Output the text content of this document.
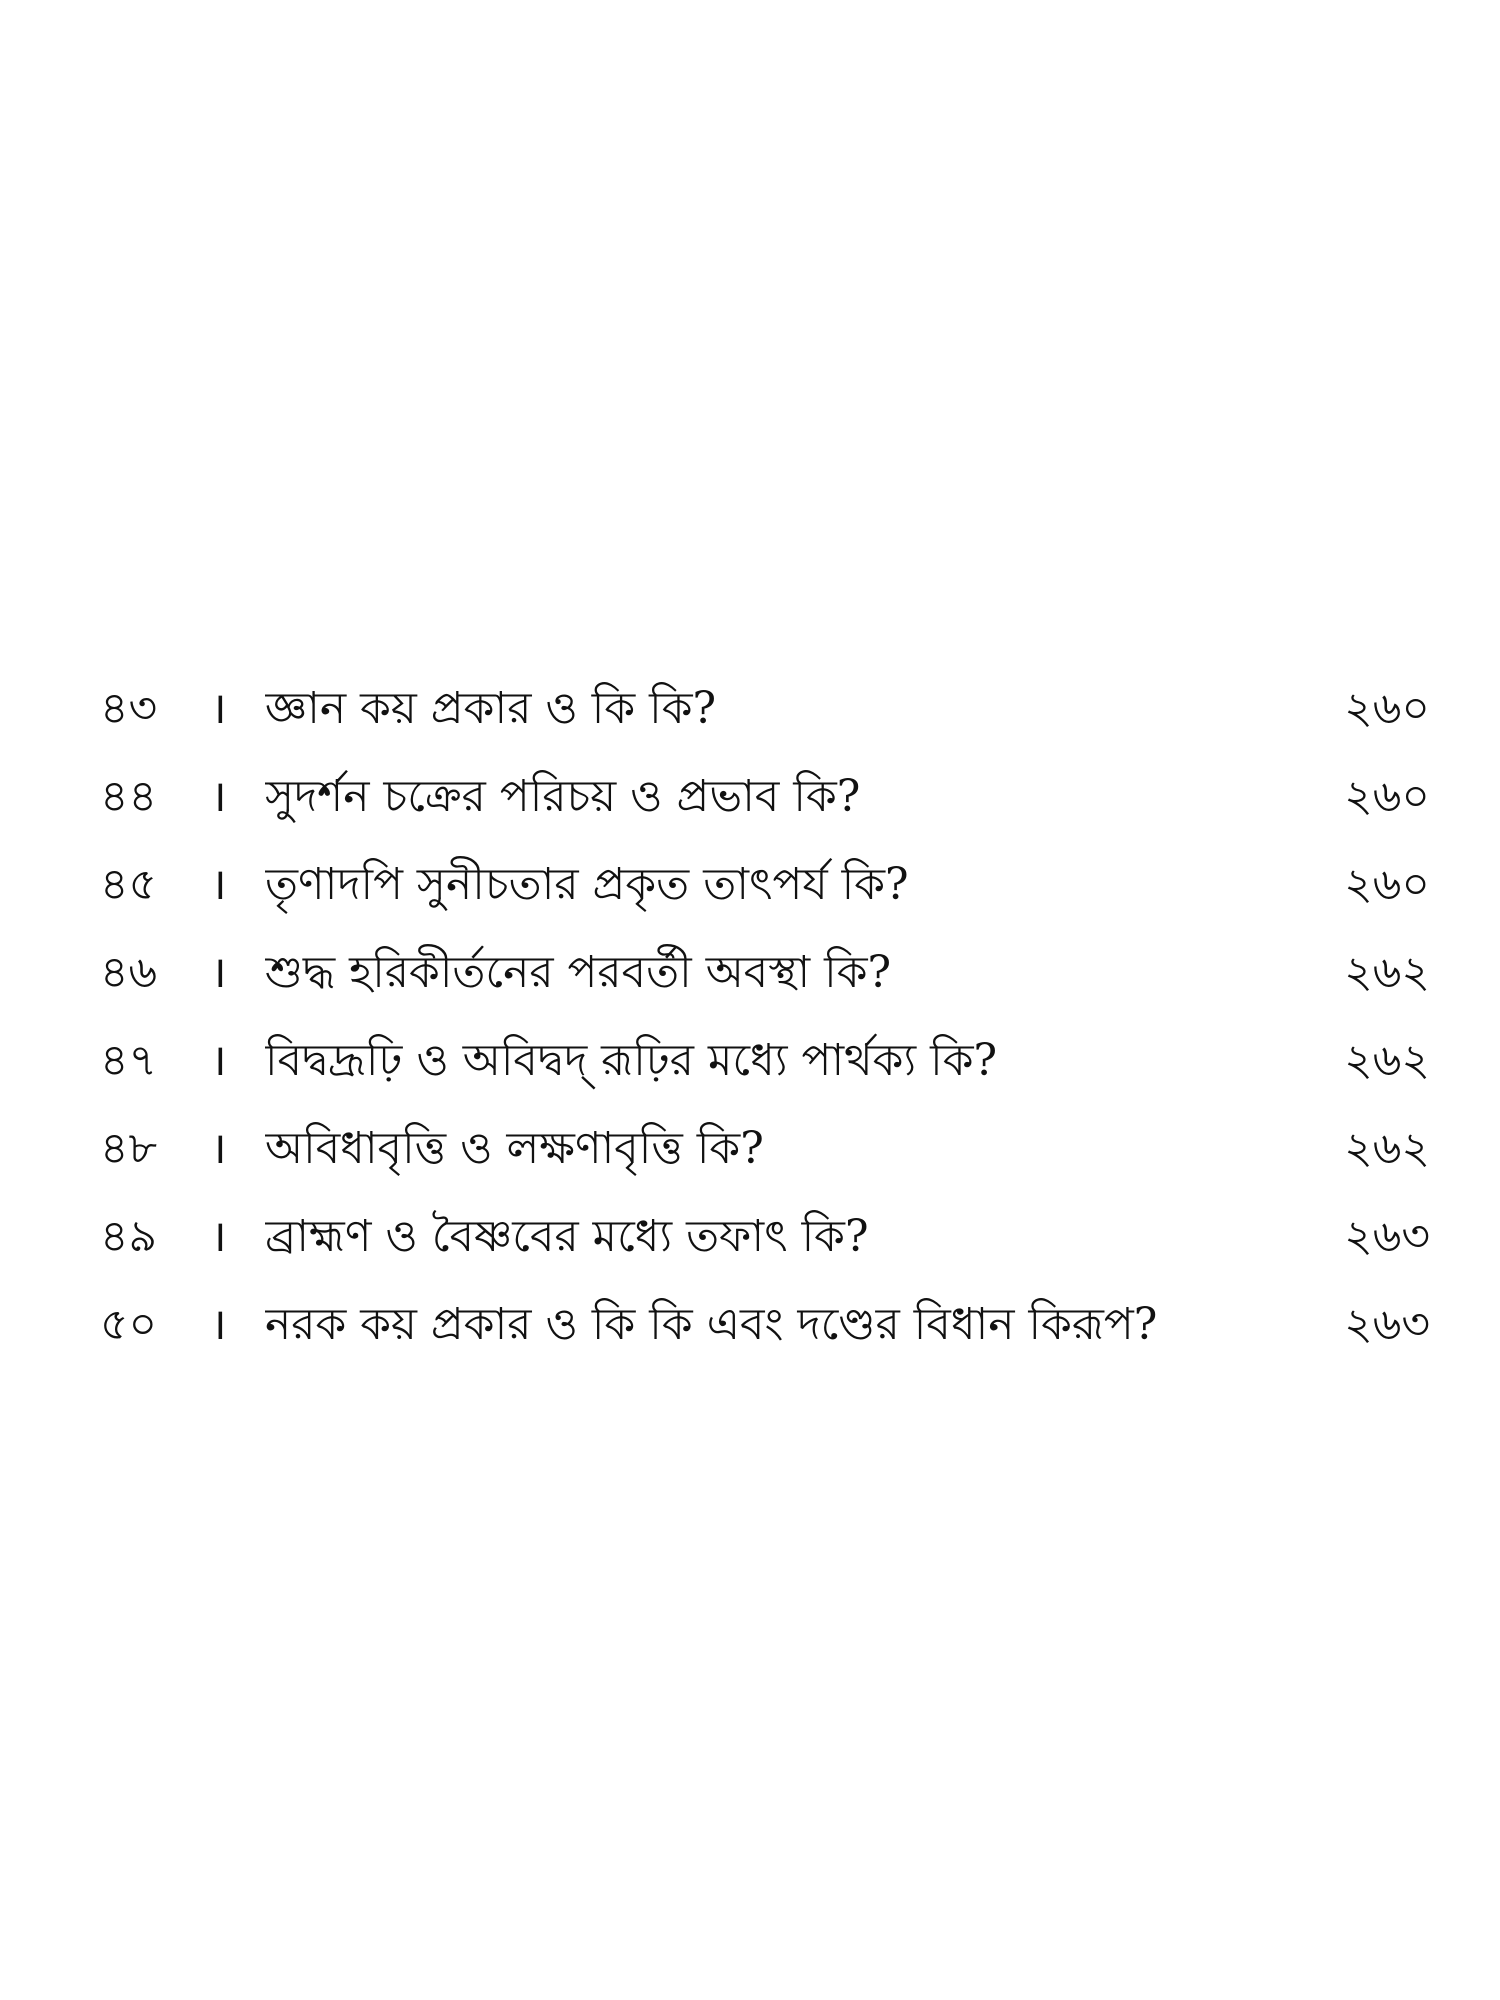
৪৩	। জ্ঞান কয় প্রকার ও কি কি?	২৬০
৪৪	। সুদর্শন চক্রের পরিচয় ও প্রভাব কি?	২৬০
৪৫	। তৃণাদপি সুনীচতার প্রকৃত তাৎপর্য কি?	২৬০
৪৬	। শুদ্ধ হরিকীর্তনের পরবর্তী অবস্থা কি?	২৬২
৪৭	। বিদ্বদ্রূঢ়ি ও অবিদ্বদ্ রূঢ়ির মধ্যে পার্থক্য কি?	২৬২
৪৮	। অবিধাবৃত্তি ও লক্ষণাবৃত্তি কি?	২৬২
৪৯	। ব্রাহ্মণ ও বৈষ্ণবের মধ্যে তফাৎ কি?	২৬৩
৫০	। নরক কয় প্রকার ও কি কি এবং দণ্ডের বিধান কিরূপ?	২৬৩
